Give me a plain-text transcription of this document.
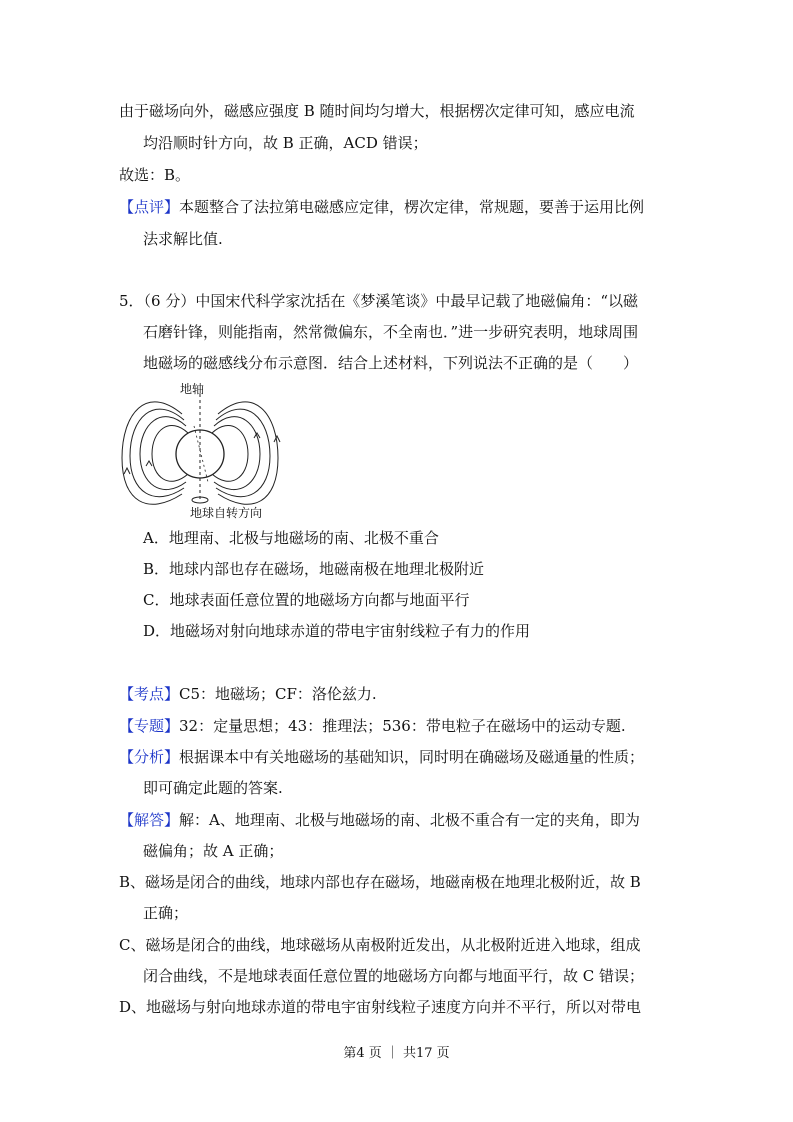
由于磁场向外，磁感应强度 B 随时间均匀增大，根据楞次定律可知，感应电流
均沿顺时针方向，故 B 正确，ACD 错误；
故选：B。
【点评】本题整合了法拉第电磁感应定律，楞次定律，常规题，要善于运用比例
法求解比值.
5．（6 分）中国宋代科学家沈括在《梦溪笔谈》中最早记载了地磁偏角：“以磁
石磨针锋，则能指南，然常微偏东，不全南也．”进一步研究表明，地球周围
地磁场的磁感线分布示意图．结合上述材料，下列说法不正确的是（　　）
地轴
地球自转方向
A．地理南、北极与地磁场的南、北极不重合
B．地球内部也存在磁场，地磁南极在地理北极附近
C．地球表面任意位置的地磁场方向都与地面平行
D．地磁场对射向地球赤道的带电宇宙射线粒子有力的作用
【考点】C5：地磁场；CF：洛伦兹力.
【专题】32：定量思想；43：推理法；536：带电粒子在磁场中的运动专题.
【分析】根据课本中有关地磁场的基础知识，同时明在确磁场及磁通量的性质；
即可确定此题的答案.
【解答】解：A、地理南、北极与地磁场的南、北极不重合有一定的夹角，即为
磁偏角；故 A 正确；
B、磁场是闭合的曲线，地球内部也存在磁场，地磁南极在地理北极附近，故 B
正确；
C、磁场是闭合的曲线，地球磁场从南极附近发出，从北极附近进入地球，组成
闭合曲线，不是地球表面任意位置的地磁场方向都与地面平行，故 C 错误；
D、地磁场与射向地球赤道的带电宇宙射线粒子速度方向并不平行，所以对带电
第4 页 ｜ 共17 页
